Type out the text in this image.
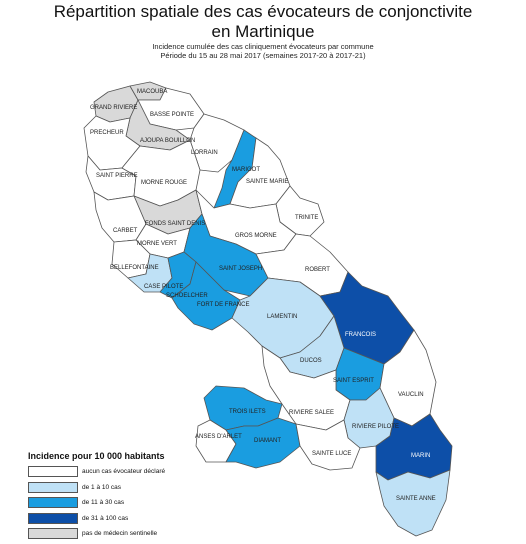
Répartition spatiale des cas évocateurs de conjonctivite
en Martinique
Incidence cumulée des cas cliniquement évocateurs par commune
Période du 15 au 28 mai 2017 (semaines 2017-20 à 2017-21)
MACOUBA
GRAND RIVIERE
BASSE POINTE
AJOUPA BOUILLON
PRECHEUR
LORRAIN
MARIGOT
SAINT PIERRE
MORNE ROUGE	SAINTE MARIE
FONDS SAINT DENIS
TRINITE
CARBET
GROS MORNE
MORNE VERT
BELLEFONTAINE	SAINT JOSEPH	ROBERT
CASE PILOTE
SCHOELCHER
FORT DE FRANCE
LAMENTIN
FRANCOIS
DUCOS
SAINT ESPRIT
VAUCLIN
TROIS ILETS	RIVIERE SALEE
ANSES D'ARLET
RIVIERE PILOTE
DIAMANT
SAINTE LUCE	MARIN
SAINTE ANNE
Incidence pour 10 000 habitants
aucun cas évocateur déclaré
de 1 à 10 cas
de 11 à 30 cas
de 31 à 100 cas
pas de médecin sentinelle
